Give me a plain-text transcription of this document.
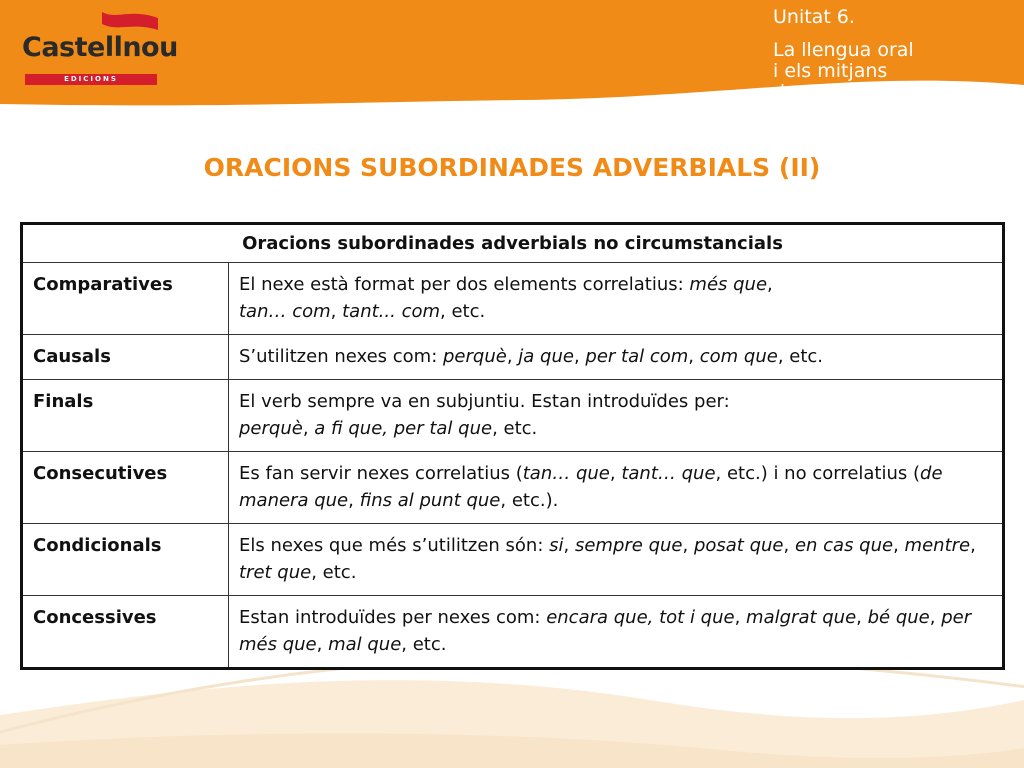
Castellnou
EDICIONS
Unitat 6.
La llengua oral
i els mitjans
de comunicació
ORACIONS SUBORDINADES ADVERBIALS (II)
Oracions subordinades adverbials no circumstancials	
Comparatives	El nexe està format per dos elements correlatius: més que,
tan… com, tant... com, etc.
Causals	S’utilitzen nexes com: perquè, ja que, per tal com, com que, etc.
Finals	El verb sempre va en subjuntiu. Estan introduïdes per:
perquè, a fi que, per tal que, etc.
Consecutives	Es fan servir nexes correlatius (tan… que, tant… que, etc.) i no correlatius (de manera que, fins al punt que, etc.).
Condicionals	Els nexes que més s’utilitzen són: si, sempre que, posat que, en cas que, mentre, tret que, etc.
Concessives	Estan introduïdes per nexes com: encara que, tot i que, malgrat que, bé que, per més que, mal que, etc.
